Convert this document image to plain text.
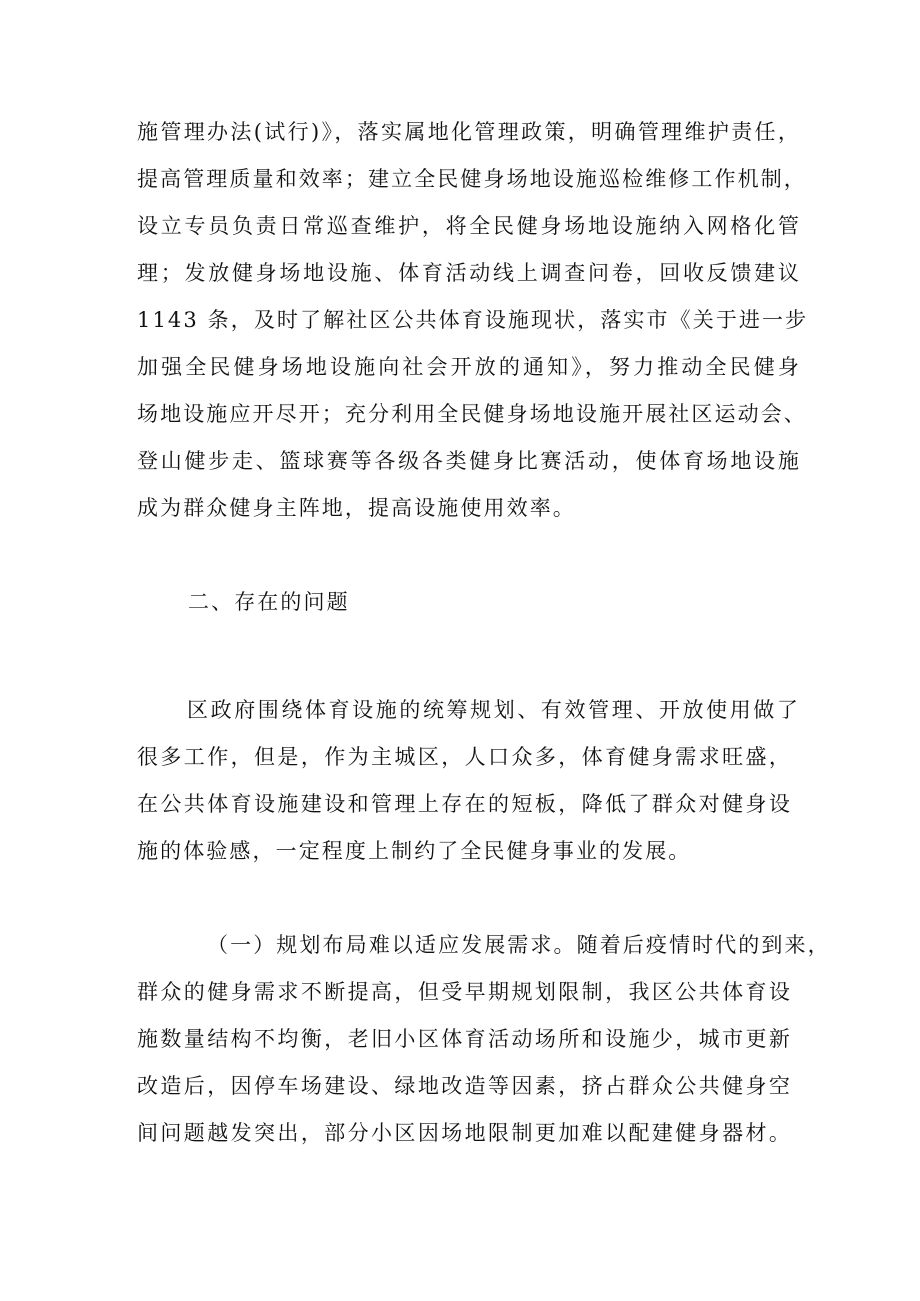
施管理办法(试行)》，落实属地化管理政策，明确管理维护责任，
提高管理质量和效率；建立全民健身场地设施巡检维修工作机制，
设立专员负责日常巡查维护，将全民健身场地设施纳入网格化管
理；发放健身场地设施、体育活动线上调查问卷，回收反馈建议
1143 条，及时了解社区公共体育设施现状，落实市《关于进一步
加强全民健身场地设施向社会开放的通知》，努力推动全民健身
场地设施应开尽开；充分利用全民健身场地设施开展社区运动会、
登山健步走、篮球赛等各级各类健身比赛活动，使体育场地设施
成为群众健身主阵地，提高设施使用效率。
二、存在的问题
区政府围绕体育设施的统筹规划、有效管理、开放使用做了
很多工作，但是，作为主城区，人口众多，体育健身需求旺盛，
在公共体育设施建设和管理上存在的短板，降低了群众对健身设
施的体验感，一定程度上制约了全民健身事业的发展。
（一）规划布局难以适应发展需求。随着后疫情时代的到来，
群众的健身需求不断提高，但受早期规划限制，我区公共体育设
施数量结构不均衡，老旧小区体育活动场所和设施少，城市更新
改造后，因停车场建设、绿地改造等因素，挤占群众公共健身空
间问题越发突出，部分小区因场地限制更加难以配建健身器材。
